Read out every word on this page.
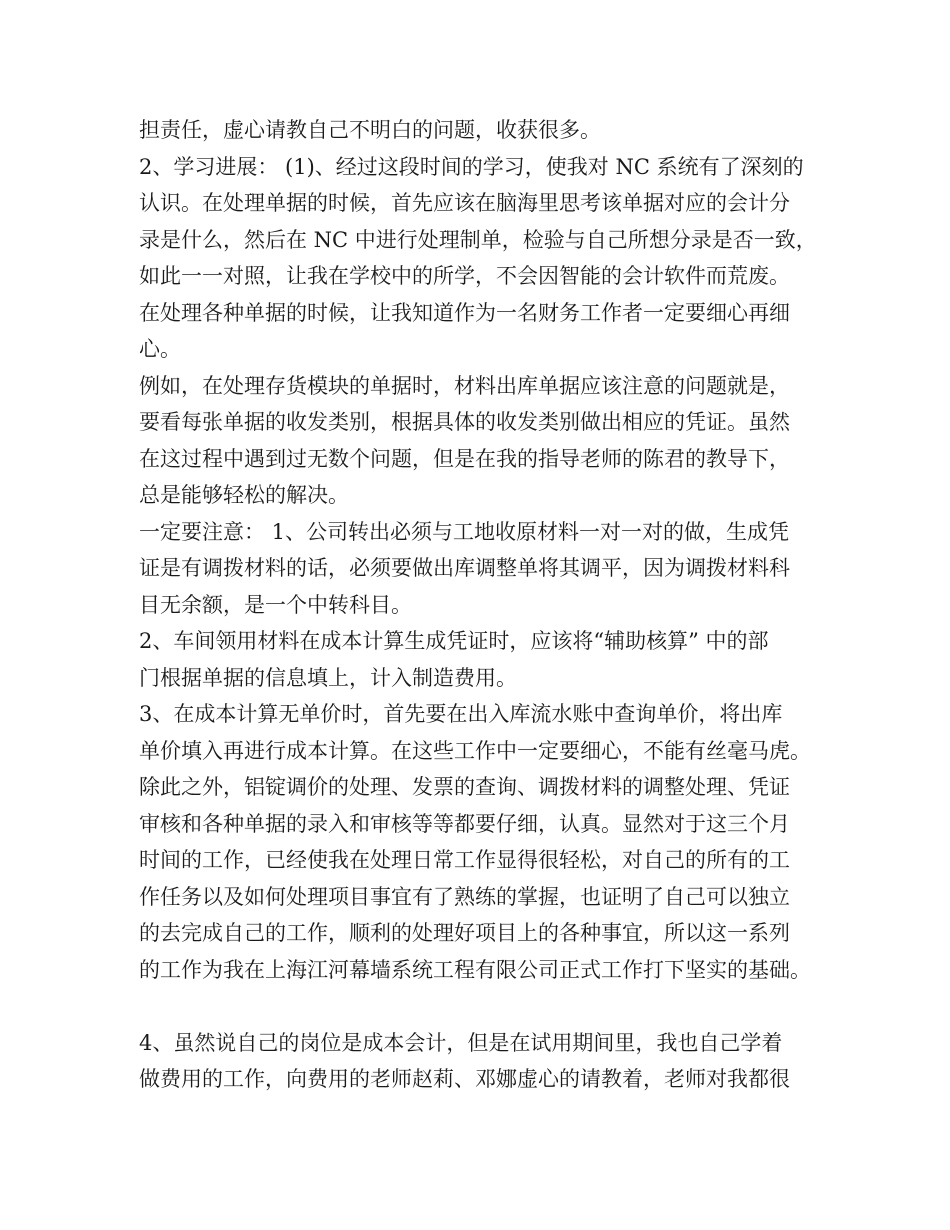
担责任，虚心请教自己不明白的问题，收获很多。
2、学习进展： (1)、经过这段时间的学习，使我对 NC 系统有了深刻的
认识。在处理单据的时候，首先应该在脑海里思考该单据对应的会计分
录是什么，然后在 NC 中进行处理制单，检验与自己所想分录是否一致，
如此一一对照，让我在学校中的所学，不会因智能的会计软件而荒废。
在处理各种单据的时候，让我知道作为一名财务工作者一定要细心再细
心。
例如，在处理存货模块的单据时，材料出库单据应该注意的问题就是，
要看每张单据的收发类别，根据具体的收发类别做出相应的凭证。虽然
在这过程中遇到过无数个问题，但是在我的指导老师的陈君的教导下，
总是能够轻松的解决。
一定要注意： 1、公司转出必须与工地收原材料一对一对的做，生成凭
证是有调拨材料的话，必须要做出库调整单将其调平，因为调拨材料科
目无余额，是一个中转科目。
2、车间领用材料在成本计算生成凭证时，应该将“辅助核算” 中的部
门根据单据的信息填上，计入制造费用。
3、在成本计算无单价时，首先要在出入库流水账中查询单价，将出库
单价填入再进行成本计算。在这些工作中一定要细心，不能有丝毫马虎。
除此之外，铝锭调价的处理、发票的查询、调拨材料的调整处理、凭证
审核和各种单据的录入和审核等等都要仔细，认真。显然对于这三个月
时间的工作，已经使我在处理日常工作显得很轻松，对自己的所有的工
作任务以及如何处理项目事宜有了熟练的掌握，也证明了自己可以独立
的去完成自己的工作，顺利的处理好项目上的各种事宜，所以这一系列
的工作为我在上海江河幕墙系统工程有限公司正式工作打下坚实的基础。
4、虽然说自己的岗位是成本会计，但是在试用期间里，我也自己学着
做费用的工作，向费用的老师赵莉、邓娜虚心的请教着，老师对我都很
